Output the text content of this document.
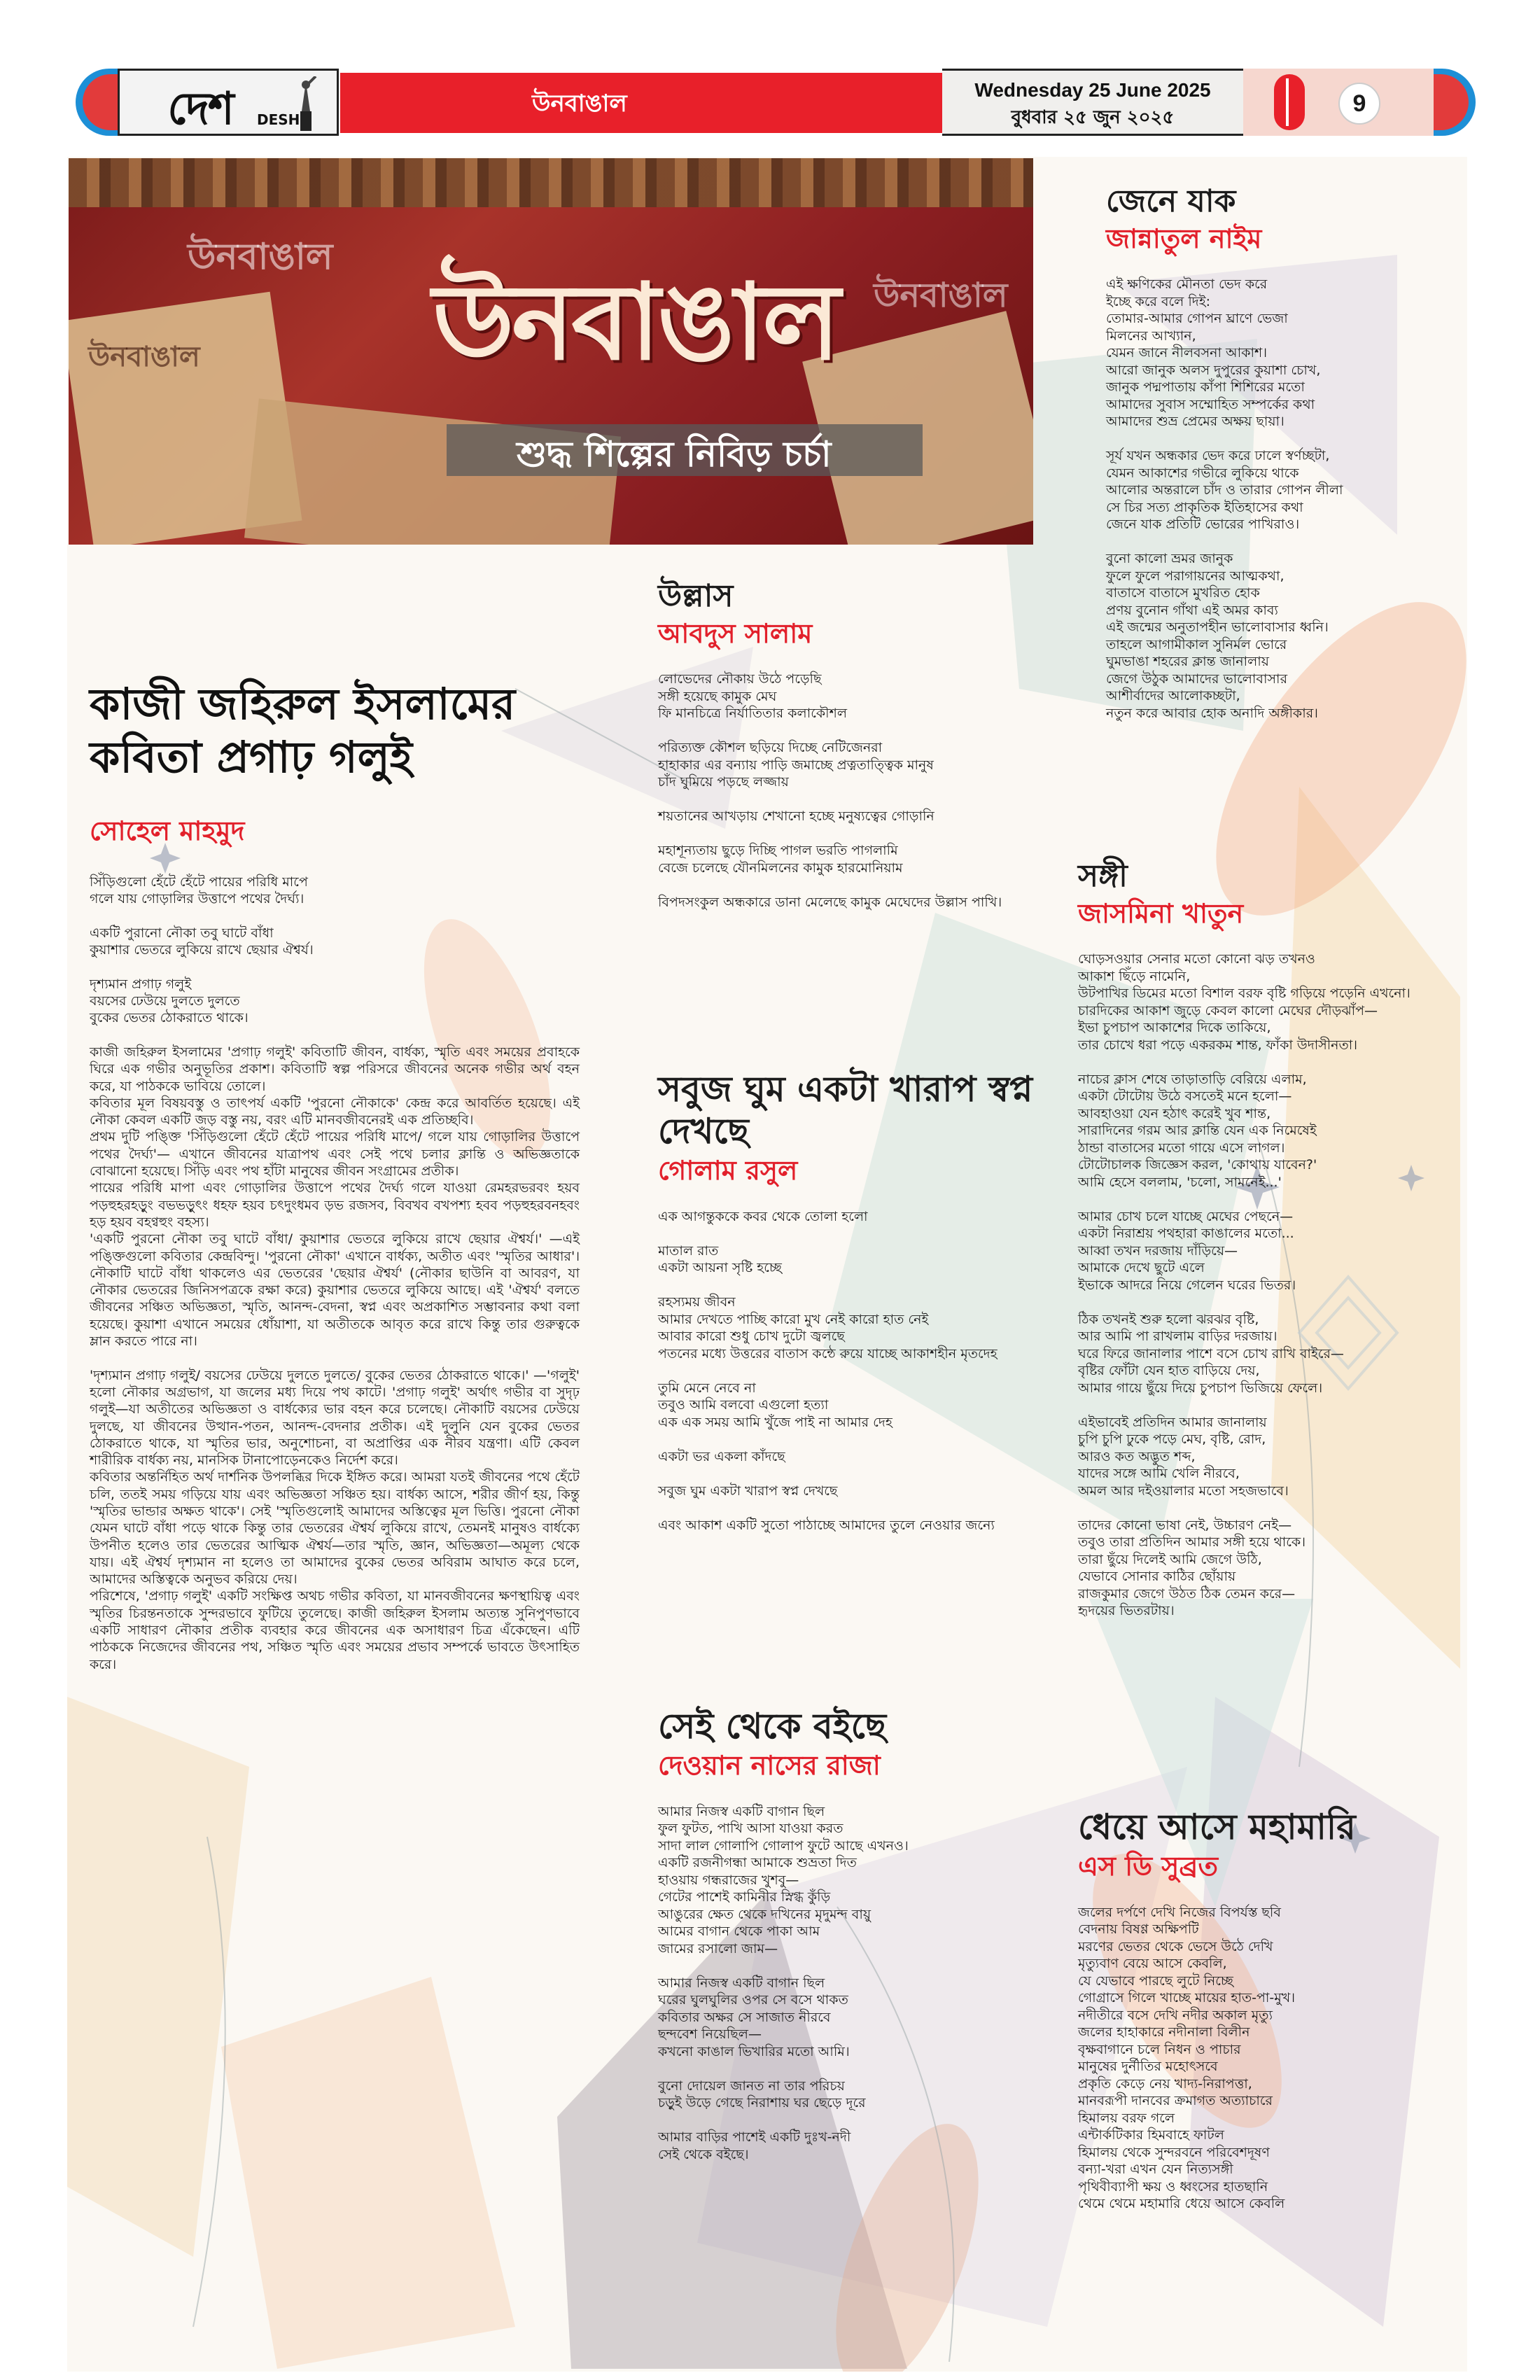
দেশ	DESH
উনবাঙাল	Wednesday 25 June 2025
বুধবার ২৫ জুন ২০২৫
9
উনবাঙাল
উনবাঙাল
উনবাঙাল উনবাঙাল
শুদ্ধ শিল্পের নিবিড় চর্চা
কাজী জহিরুল ইসলামের কবিতা প্রগাঢ় গলুই
সোহেল মাহমুদ
সিঁড়িগুলো হেঁটে হেঁটে পায়ের পরিধি মাপে
গলে যায় গোড়ালির উত্তাপে পথের দৈর্ঘ্য।

একটি পুরানো নৌকা তবু ঘাটে বাঁধা
কুয়াশার ভেতরে লুকিয়ে রাখে ছেয়ার ঐশ্বর্য।

দৃশ্যমান প্রগাঢ় গলুই
বয়সের ঢেউয়ে দুলতে দুলতে
বুকের ভেতর ঠোকরাতে থাকে।

কাজী জহিরুল ইসলামের 'প্রগাঢ় গলুই' কবিতাটি জীবন, বার্ধক্য, স্মৃতি এবং সময়ের প্রবাহকে ঘিরে এক গভীর অনুভূতির প্রকাশ। কবিতাটি স্বল্প পরিসরে জীবনের অনেক গভীর অর্থ বহন করে, যা পাঠককে ভাবিয়ে তোলে।
কবিতার মূল বিষয়বস্তু ও তাৎপর্য একটি 'পুরনো নৌকাকে' কেন্দ্র করে আবর্তিত হয়েছে। এই নৌকা কেবল একটি জড় বস্তু নয়, বরং এটি মানবজীবনেরই এক প্রতিচ্ছবি।
প্রথম দুটি পঙ্ক্তি 'সিঁড়িগুলো হেঁটে হেঁটে পায়ের পরিধি মাপে/ গলে যায় গোড়ালির উত্তাপে পথের দৈর্ঘ্য'— এখানে জীবনের যাত্রাপথ এবং সেই পথে চলার ক্লান্তি ও অভিজ্ঞতাকে বোঝানো হয়েছে। সিঁড়ি এবং পথ হাঁটা মানুষের জীবন সংগ্রামের প্রতীক।
পায়ের পরিধি মাপা এবং গোড়ালির উত্তাপে পথের দৈর্ঘ্য গলে যাওয়া রেমহরভরবং হয়ব পড়হুহরহড়ুং বভভড়ুৎং ধহফ হয়ব চৎদুংধমব ড়ভ রজসব, বিবখব বখপশ্য হবব পড়হুহরবনহবং হড় হয়ব বহণ্বহুং বহস্য।
'একটি পুরনো নৌকা তবু ঘাটে বাঁধা/ কুয়াশার ভেতরে লুকিয়ে রাখে ছেয়ার ঐশ্বর্য।' —এই পঙ্ক্তিগুলো কবিতার কেন্দ্রবিন্দু। 'পুরনো নৌকা' এখানে বার্ধক্য, অতীত এবং 'স্মৃতির আধার'। নৌকাটি ঘাটে বাঁধা থাকলেও এর ভেতরের 'ছেয়ার ঐশ্বর্য' (নৌকার ছাউনি বা আবরণ, যা নৌকার ভেতরের জিনিসপত্রকে রক্ষা করে) কুয়াশার ভেতরে লুকিয়ে আছে। এই 'ঐশ্বর্য' বলতে জীবনের সঞ্চিত অভিজ্ঞতা, স্মৃতি, আনন্দ-বেদনা, স্বপ্ন এবং অপ্রকাশিত সম্ভাবনার কথা বলা হয়েছে। কুয়াশা এখানে সময়ের ধোঁয়াশা, যা অতীতকে আবৃত করে রাখে কিন্তু তার গুরুত্বকে ম্লান করতে পারে না।

'দৃশ্যমান প্রগাঢ় গলুই/ বয়সের ঢেউয়ে দুলতে দুলতে/ বুকের ভেতর ঠোকরাতে থাকে।' —'গলুই' হলো নৌকার অগ্রভাগ, যা জলের মধ্য দিয়ে পথ কাটে। 'প্রগাঢ় গলুই' অর্থাৎ গভীর বা সুদৃঢ় গলুই—যা অতীতের অভিজ্ঞতা ও বার্ধক্যের ভার বহন করে চলেছে। নৌকাটি বয়সের ঢেউয়ে দুলছে, যা জীবনের উত্থান-পতন, আনন্দ-বেদনার প্রতীক। এই দুলুনি যেন বুকের ভেতর ঠোকরাতে থাকে, যা স্মৃতির ভার, অনুশোচনা, বা অপ্রাপ্তির এক নীরব যন্ত্রণা। এটি কেবল শারীরিক বার্ধক্য নয়, মানসিক টানাপোড়েনকেও নির্দেশ করে।
কবিতার অন্তর্নিহিত অর্থ দার্শনিক উপলব্ধির দিকে ইঙ্গিত করে। আমরা যতই জীবনের পথে হেঁটে চলি, ততই সময় গড়িয়ে যায় এবং অভিজ্ঞতা সঞ্চিত হয়। বার্ধক্য আসে, শরীর জীর্ণ হয়, কিন্তু 'স্মৃতির ভান্ডার অক্ষত থাকে'। সেই 'স্মৃতিগুলোই আমাদের অস্তিত্বের মূল ভিত্তি। পুরনো নৌকা যেমন ঘাটে বাঁধা পড়ে থাকে কিন্তু তার ভেতরের ঐশ্বর্য লুকিয়ে রাখে, তেমনই মানুষও বার্ধক্যে উপনীত হলেও তার ভেতরের আত্মিক ঐশ্বর্য—তার স্মৃতি, জ্ঞান, অভিজ্ঞতা—অমূল্য থেকে যায়। এই ঐশ্বর্য দৃশ্যমান না হলেও তা আমাদের বুকের ভেতর অবিরাম আঘাত করে চলে, আমাদের অস্তিত্বকে অনুভব করিয়ে দেয়।
পরিশেষে, 'প্রগাঢ় গলুই' একটি সংক্ষিপ্ত অথচ গভীর কবিতা, যা মানবজীবনের ক্ষণস্থায়িত্ব এবং স্মৃতির চিরন্তনতাকে সুন্দরভাবে ফুটিয়ে তুলেছে। কাজী জহিরুল ইসলাম অত্যন্ত সুনিপুণভাবে একটি সাধারণ নৌকার প্রতীক ব্যবহার করে জীবনের এক অসাধারণ চিত্র এঁকেছেন। এটি পাঠককে নিজেদের জীবনের পথ, সঞ্চিত স্মৃতি এবং সময়ের প্রভাব সম্পর্কে ভাবতে উৎসাহিত করে।
উল্লাস
আবদুস সালাম
লোভেদের নৌকায় উঠে পড়েছি
সঙ্গী হয়েছে কামুক মেঘ
ফি মানচিত্রে নির্যাতিতার কলাকৌশল

পরিত্যক্ত কৌশল ছড়িয়ে দিচ্ছে নেটিজেনরা
হাহাকার এর বন্যায় পাড়ি জমাচ্ছে প্রত্নতাত্ত্বিক মানুষ
চাঁদ ঘুমিয়ে পড়ছে লজ্জায়

শয়তানের আখড়ায় শেখানো হচ্ছে মনুষ্যত্বের গোড়ানি

মহাশূন্যতায় ছুড়ে দিচ্ছি পাগল ভরতি পাগলামি
বেজে চলেছে যৌনমিলনের কামুক হারমোনিয়াম

বিপদসংকুল অন্ধকারে ডানা মেলেছে কামুক মেঘেদের উল্লাস পাখি।
সবুজ ঘুম একটা খারাপ স্বপ্ন দেখছে
গোলাম রসুল
এক আগন্তুককে কবর থেকে তোলা হলো

মাতাল রাত
একটা আয়না সৃষ্টি হচ্ছে

রহস্যময় জীবন
আমার দেখতে পাচ্ছি কারো মুখ নেই কারো হাত নেই
আবার কারো শুধু চোখ দুটো জ্বলছে
পতনের মধ্যে উত্তরের বাতাস কন্ঠে রুয়ে যাচ্ছে আকাশহীন মৃতদেহ

তুমি মেনে নেবে না
তবুও আমি বলবো এগুলো হত্যা
এক এক সময় আমি খুঁজে পাই না আমার দেহ

একটা ভর একলা কাঁদছে

সবুজ ঘুম একটা খারাপ স্বপ্ন দেখছে

এবং আকাশ একটি সুতো পাঠাচ্ছে আমাদের তুলে নেওয়ার জন্যে
সেই থেকে বইছে
দেওয়ান নাসের রাজা
আমার নিজস্ব একটি বাগান ছিল
ফুল ফুটত, পাখি আসা যাওয়া করত
সাদা লাল গোলাপি গোলাপ ফুটে আছে এখনও।
একটি রজনীগন্ধা আমাকে শুভ্রতা দিত
হাওয়ায় গন্ধরাজের খুশবু—
গেটের পাশেই কামিনীর স্নিগ্ধ কুঁড়ি
আঙুরের ক্ষেত থেকে দখিনের মৃদুমন্দ বায়ু
আমের বাগান থেকে পাকা আম
জামের রসালো জাম—

আমার নিজস্ব একটি বাগান ছিল
ঘরের ঘুলঘুলির ওপর সে বসে থাকত
কবিতার অক্ষর সে সাজাত নীরবে
ছন্দবেশ নিয়েছিল—
কখনো কাঙাল ভিখারির মতো আমি।

বুনো দোয়েল জানত না তার পরিচয়
চড়ুই উড়ে গেছে নিরাশায় ঘর ছেড়ে দূরে

আমার বাড়ির পাশেই একটি দুঃখ-নদী
সেই থেকে বইছে।
জেনে যাক
জান্নাতুল নাইম
এই ক্ষণিকের মৌনতা ভেদ করে
ইচ্ছে করে বলে দিই:
তোমার-আমার গোপন ঘ্রাণে ভেজা
মিলনের আখ্যান,
যেমন জানে নীলবসনা আকাশ।
আরো জানুক অলস দুপুরের কুয়াশা চোখ,
জানুক পদ্মপাতায় কাঁপা শিশিরের মতো
আমাদের সুবাস সম্মোহিত সম্পর্কের কথা
আমাদের শুভ্র প্রেমের অক্ষয় ছায়া।

সূর্য যখন অন্ধকার ভেদ করে ঢালে স্বর্ণচ্ছটা,
যেমন আকাশের গভীরে লুকিয়ে থাকে
আলোর অন্তরালে চাঁদ ও তারার গোপন লীলা
সে চির সত্য প্রাকৃতিক ইতিহাসের কথা
জেনে যাক প্রতিটি ভোরের পাখিরাও।

বুনো কালো ভ্রমর জানুক
ফুলে ফুলে পরাগায়নের আত্মকথা,
বাতাসে বাতাসে মুখরিত হোক
প্রণয় বুনোন গাঁথা এই অমর কাব্য
এই জন্মের অনুতাপহীন ভালোবাসার ধ্বনি।
তাহলে আগামীকাল সুনির্মল ভোরে
ঘুমভাঙা শহরের ক্লান্ত জানালায়
জেগে উঠুক আমাদের ভালোবাসার
আশীর্বাদের আলোকচ্ছটা,
নতুন করে আবার হোক অনাদি অঙ্গীকার।
সঙ্গী
জাসমিনা খাতুন
ঘোড়সওয়ার সেনার মতো কোনো ঝড় তখনও
আকাশ ছিঁড়ে নামেনি,
উটপাখির ডিমের মতো বিশাল বরফ বৃষ্টি গড়িয়ে পড়েনি এখনো।
চারদিকের আকাশ জুড়ে কেবল কালো মেঘের দৌড়ঝাঁপ—
ইভা চুপচাপ আকাশের দিকে তাকিয়ে,
তার চোখে ধরা পড়ে একরকম শান্ত, ফাঁকা উদাসীনতা।

নাচের ক্লাস শেষে তাড়াতাড়ি বেরিয়ে এলাম,
একটা টোটোয় উঠে বসতেই মনে হলো—
আবহাওয়া যেন হঠাৎ করেই খুব শান্ত,
সারাদিনের গরম আর ক্লান্তি যেন এক নিমেষেই
ঠান্ডা বাতাসের মতো গায়ে এসে লাগল।
টোটোচালক জিজ্ঞেস করল, 'কোথায় যাবেন?'
আমি হেসে বললাম, 'চলো, সামনেই...'

আমার চোখ চলে যাচ্ছে মেঘের পেছনে—
একটা নিরাশ্রয় পথহারা কাঙালের মতো...
আব্বা তখন দরজায় দাঁড়িয়ে—
আমাকে দেখে ছুটে এলে
ইভাকে আদরে নিয়ে গেলেন ঘরের ভিতর।

ঠিক তখনই শুরু হলো ঝরঝর বৃষ্টি,
আর আমি পা রাখলাম বাড়ির দরজায়।
ঘরে ফিরে জানালার পাশে বসে চোখ রাখি বাইরে—
বৃষ্টির ফোঁটা যেন হাত বাড়িয়ে দেয়,
আমার গায়ে ছুঁয়ে দিয়ে চুপচাপ ভিজিয়ে ফেলে।

এইভাবেই প্রতিদিন আমার জানালায়
চুপি চুপি ঢুকে পড়ে মেঘ, বৃষ্টি, রোদ,
আরও কত অদ্ভুত শব্দ,
যাদের সঙ্গে আমি খেলি নীরবে,
অমল আর দইওয়ালার মতো সহজভাবে।

তাদের কোনো ভাষা নেই, উচ্চারণ নেই—
তবুও তারা প্রতিদিন আমার সঙ্গী হয়ে থাকে।
তারা ছুঁয়ে দিলেই আমি জেগে উঠি,
যেভাবে সোনার কাঠির ছোঁয়ায়
রাজকুমার জেগে উঠত ঠিক তেমন করে—
হৃদয়ের ভিতরটায়।
ধেয়ে আসে মহামারি
এস ডি সুব্রত
জলের দর্পণে দেখি নিজের বিপর্যস্ত ছবি
বেদনায় বিষণ্ণ অক্ষিপটি
মরণের ভেতর থেকে ভেসে উঠে দেখি
মৃত্যুবাণ বেয়ে আসে কেবলি,
যে যেভাবে পারছে লুটে নিচ্ছে
গোগ্রাসে গিলে খাচ্ছে মায়ের হাত-পা-মুখ।
নদীতীরে বসে দেখি নদীর অকাল মৃত্যু
জলের হাহাকারে নদীনালা বিলীন
বৃক্ষবাগানে চলে নিধন ও পাচার
মানুষের দুর্নীতির মহোৎসবে
প্রকৃতি কেড়ে নেয় খাদ্য-নিরাপত্তা,
মানবরূপী দানবের ক্রমাগত অত্যাচারে
হিমালয় বরফ গলে
এন্টার্কটিকার হিমবাহে ফাটল
হিমালয় থেকে সুন্দরবনে পরিবেশদূষণ
বন্যা-খরা এখন যেন নিত্যসঙ্গী
পৃথিবীব্যাপী ক্ষয় ও ধ্বংসের হাতছানি
থেমে থেমে মহামারি ধেয়ে আসে কেবলি
